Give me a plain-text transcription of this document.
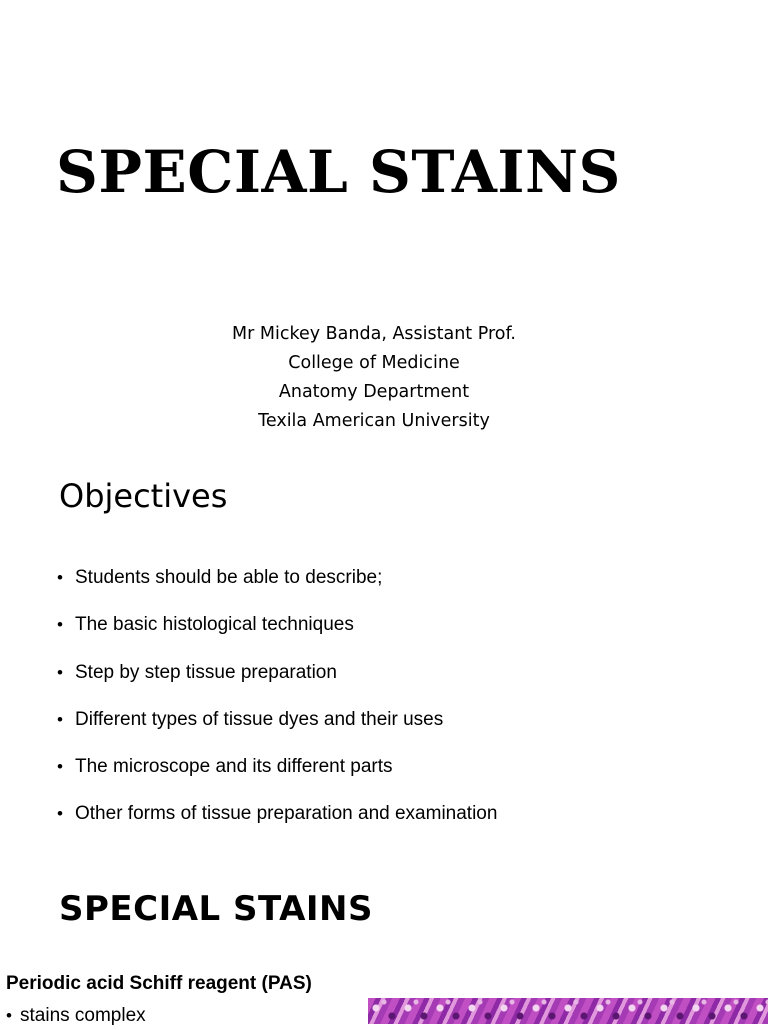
SPECIAL STAINS
Mr Mickey Banda, Assistant Prof.
College of Medicine
Anatomy Department
Texila American University
Objectives
• Students should be able to describe;
• The basic histological techniques
• Step by step tissue preparation
• Different types of tissue dyes and their uses
• The microscope and its different parts
• Other forms of tissue preparation and examination
SPECIAL STAINS
Periodic acid Schiff reagent (PAS)
• stains complex
